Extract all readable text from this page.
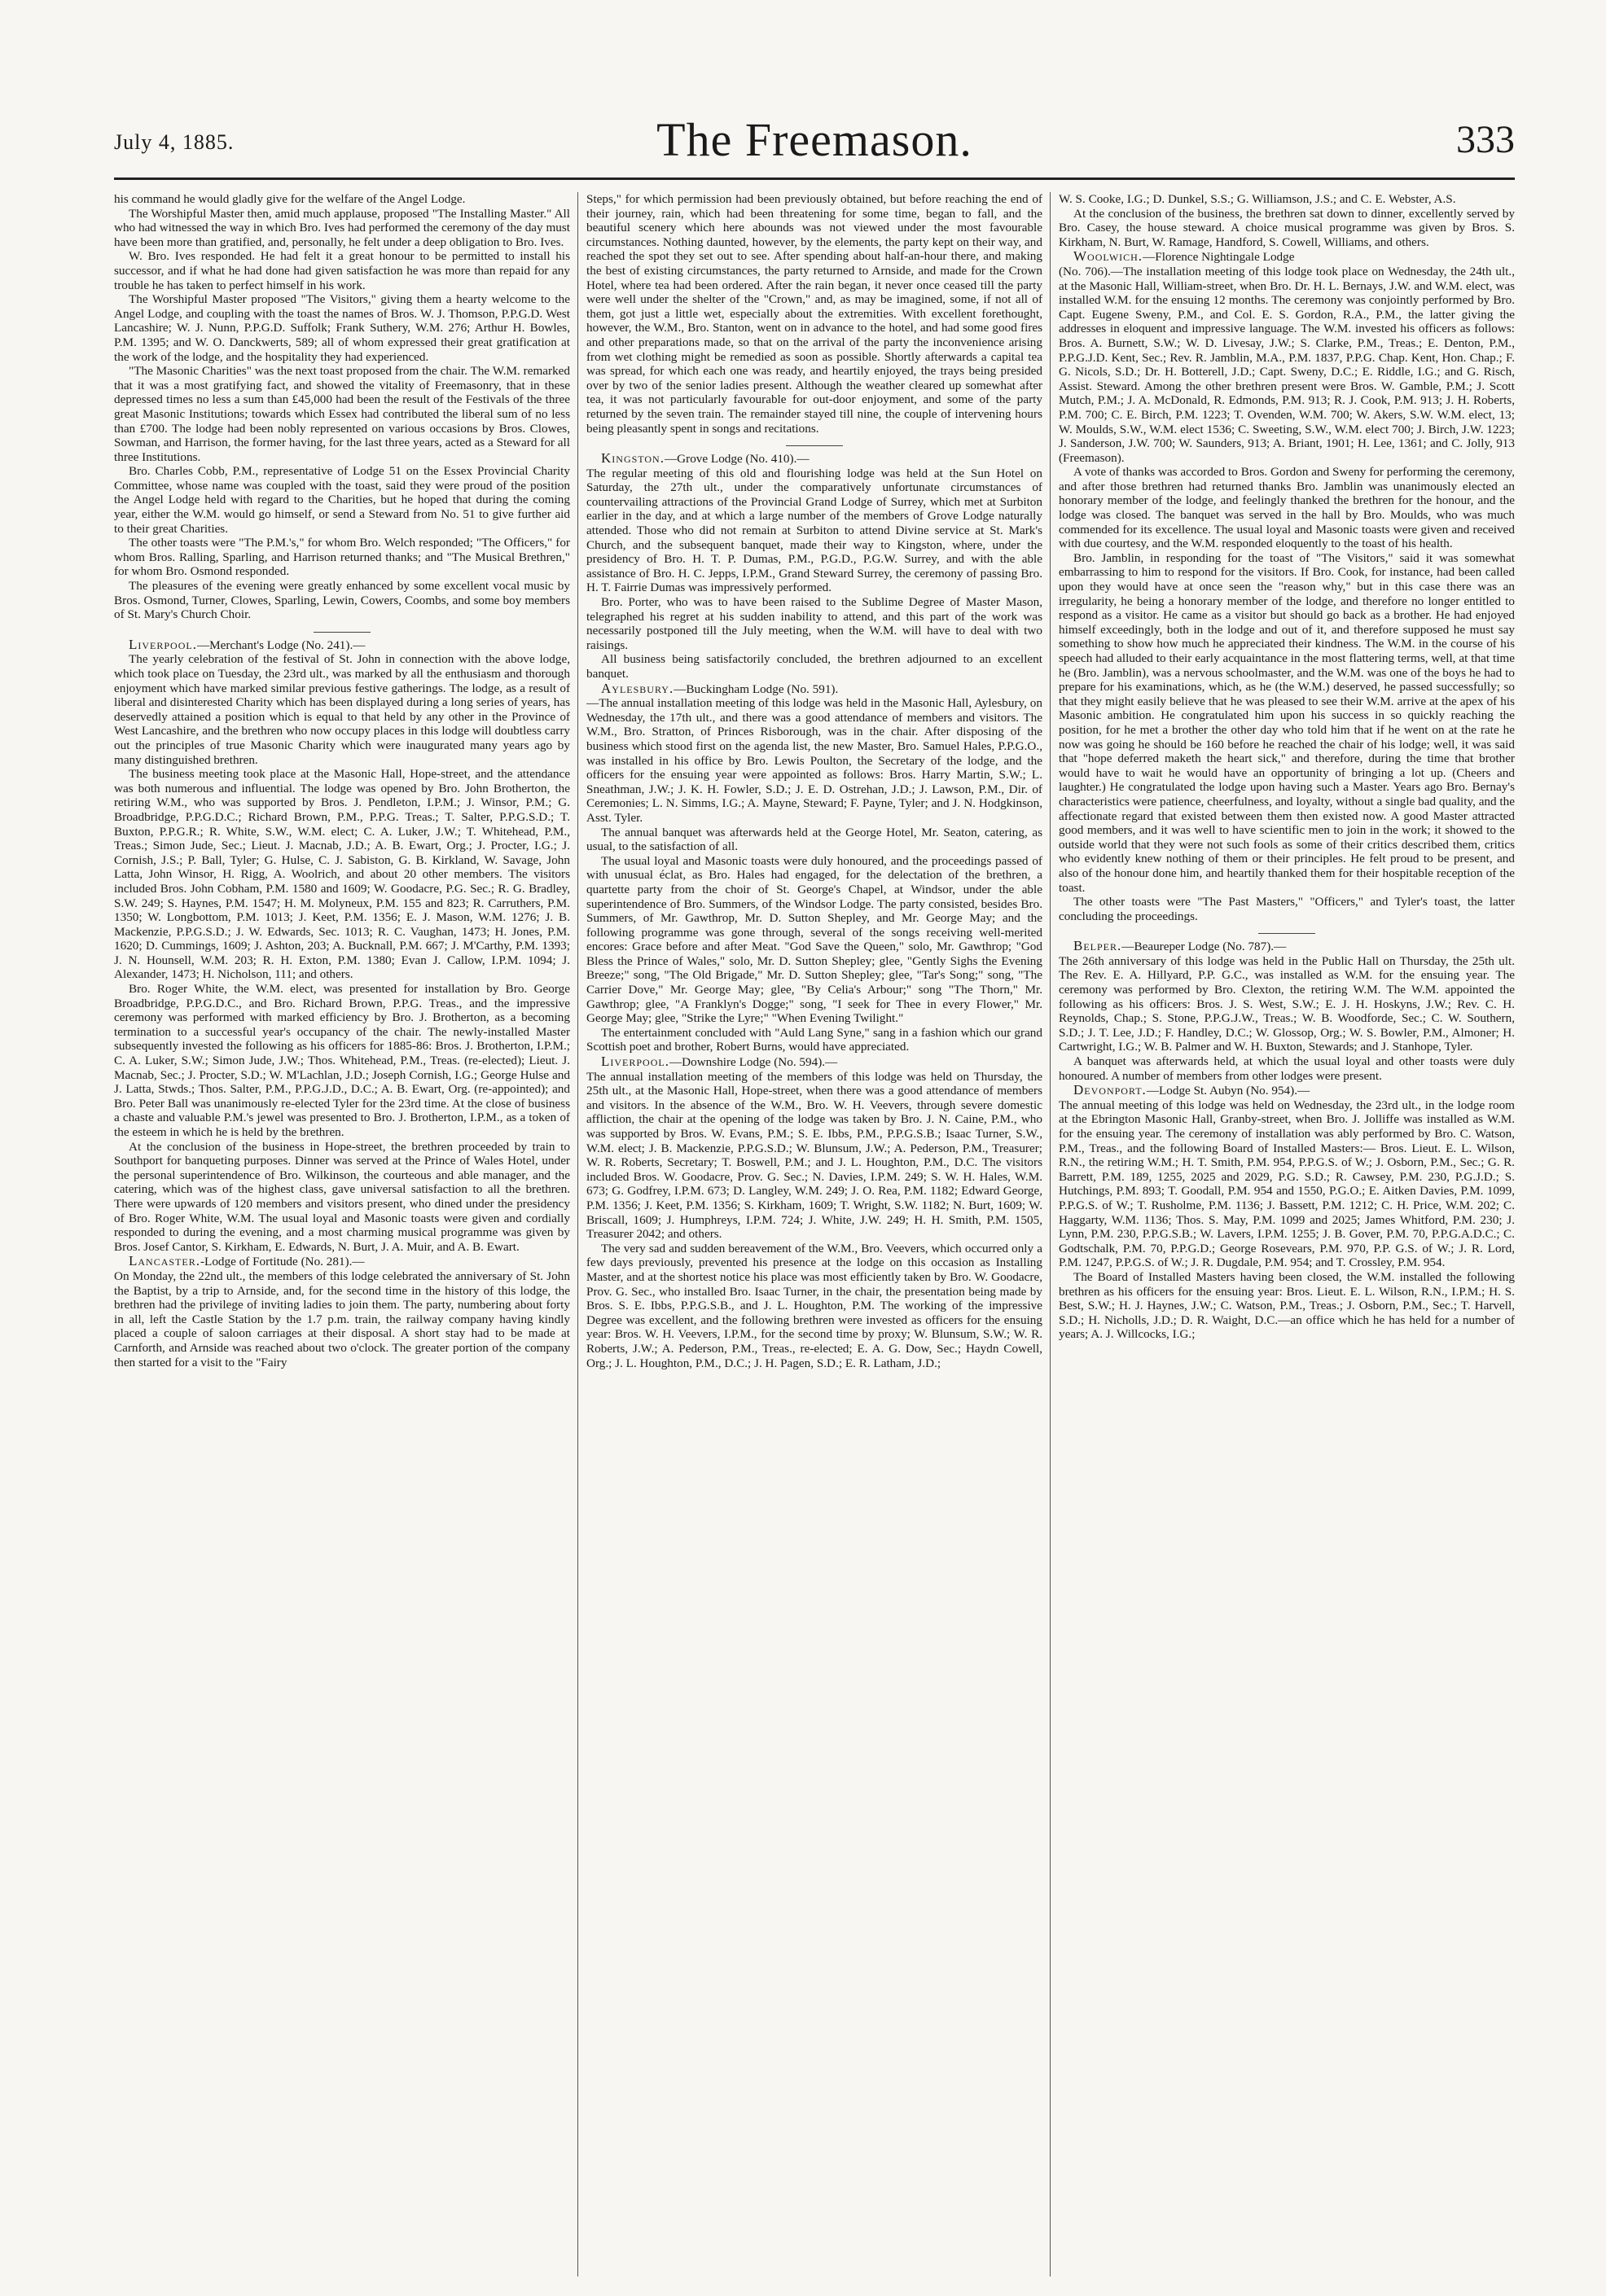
July 4, 1885.	The Freemason.	333

his command he would gladly give for the welfare of the Angel Lodge.

The Worshipful Master then, amid much applause, proposed "The Installing Master." All who had witnessed the way in which Bro. Ives had performed the ceremony of the day must have been more than gratified, and, personally, he felt under a deep obligation to Bro. Ives.

W. Bro. Ives responded. He had felt it a great honour to be permitted to install his successor, and if what he had done had given satisfaction he was more than repaid for any trouble he has taken to perfect himself in his work.

The Worshipful Master proposed "The Visitors," giving them a hearty welcome to the Angel Lodge, and coupling with the toast the names of Bros. W. J. Thomson, P.P.G.D. West Lancashire; W. J. Nunn, P.P.G.D. Suffolk; Frank Suthery, W.M. 276; Arthur H. Bowles, P.M. 1395; and W. O. Danckwerts, 589; all of whom expressed their great gratification at the work of the lodge, and the hospitality they had experienced.

"The Masonic Charities" was the next toast proposed from the chair. The W.M. remarked that it was a most gratifying fact, and showed the vitality of Freemasonry, that in these depressed times no less a sum than £45,000 had been the result of the Festivals of the three great Masonic Institutions; towards which Essex had contributed the liberal sum of no less than £700. The lodge had been nobly represented on various occasions by Bros. Clowes, Sowman, and Harrison, the former having, for the last three years, acted as a Steward for all three Institutions.

Bro. Charles Cobb, P.M., representative of Lodge 51 on the Essex Provincial Charity Committee, whose name was coupled with the toast, said they were proud of the position the Angel Lodge held with regard to the Charities, but he hoped that during the coming year, either the W.M. would go himself, or send a Steward from No. 51 to give further aid to their great Charities.

The other toasts were "The P.M.'s," for whom Bro. Welch responded; "The Officers," for whom Bros. Ralling, Sparling, and Harrison returned thanks; and "The Musical Brethren," for whom Bro. Osmond responded.

The pleasures of the evening were greatly enhanced by some excellent vocal music by Bros. Osmond, Turner, Clowes, Sparling, Lewin, Cowers, Coombs, and some boy members of St. Mary's Church Choir.

Liverpool.—Merchant's Lodge (No. 241).—

The yearly celebration of the festival of St. John in connection with the above lodge, which took place on Tuesday, the 23rd ult., was marked by all the enthusiasm and thorough enjoyment which have marked similar previous festive gatherings. The lodge, as a result of liberal and disinterested Charity which has been displayed during a long series of years, has deservedly attained a position which is equal to that held by any other in the Province of West Lancashire, and the brethren who now occupy places in this lodge will doubtless carry out the principles of true Masonic Charity which were inaugurated many years ago by many distinguished brethren.

The business meeting took place at the Masonic Hall, Hope-street, and the attendance was both numerous and influential. The lodge was opened by Bro. John Brotherton, the retiring W.M., who was supported by Bros. J. Pendleton, I.P.M.; J. Winsor, P.M.; G. Broadbridge, P.P.G.D.C.; Richard Brown, P.M., P.P.G. Treas.; T. Salter, P.P.G.S.D.; T. Buxton, P.P.G.R.; R. White, S.W., W.M. elect; C. A. Luker, J.W.; T. Whitehead, P.M., Treas.; Simon Jude, Sec.; Lieut. J. Macnab, J.D.; A. B. Ewart, Org.; J. Procter, I.G.; J. Cornish, J.S.; P. Ball, Tyler; G. Hulse, C. J. Sabiston, G. B. Kirkland, W. Savage, John Latta, John Winsor, H. Rigg, A. Woolrich, and about 20 other members. The visitors included Bros. John Cobham, P.M. 1580 and 1609; W. Goodacre, P.G. Sec.; R. G. Bradley, S.W. 249; S. Haynes, P.M. 1547; H. M. Molyneux, P.M. 155 and 823; R. Carruthers, P.M. 1350; W. Longbottom, P.M. 1013; J. Keet, P.M. 1356; E. J. Mason, W.M. 1276; J. B. Mackenzie, P.P.G.S.D.; J. W. Edwards, Sec. 1013; R. C. Vaughan, 1473; H. Jones, P.M. 1620; D. Cummings, 1609; J. Ashton, 203; A. Bucknall, P.M. 667; J. M'Carthy, P.M. 1393; J. N. Hounsell, W.M. 203; R. H. Exton, P.M. 1380; Evan J. Callow, I.P.M. 1094; J. Alexander, 1473; H. Nicholson, 111; and others.

Bro. Roger White, the W.M. elect, was presented for installation by Bro. George Broadbridge, P.P.G.D.C., and Bro. Richard Brown, P.P.G. Treas., and the impressive ceremony was performed with marked efficiency by Bro. J. Brotherton, as a becoming termination to a successful year's occupancy of the chair. The newly-installed Master subsequently invested the following as his officers for 1885-86: Bros. J. Brotherton, I.P.M.; C. A. Luker, S.W.; Simon Jude, J.W.; Thos. Whitehead, P.M., Treas. (re-elected); Lieut. J. Macnab, Sec.; J. Procter, S.D.; W. M'Lachlan, J.D.; Joseph Cornish, I.G.; George Hulse and J. Latta, Stwds.; Thos. Salter, P.M., P.P.G.J.D., D.C.; A. B. Ewart, Org. (re-appointed); and Bro. Peter Ball was unanimously re-elected Tyler for the 23rd time. At the close of business a chaste and valuable P.M.'s jewel was presented to Bro. J. Brotherton, I.P.M., as a token of the esteem in which he is held by the brethren.

At the conclusion of the business in Hope-street, the brethren proceeded by train to Southport for banqueting purposes. Dinner was served at the Prince of Wales Hotel, under the personal superintendence of Bro. Wilkinson, the courteous and able manager, and the catering, which was of the highest class, gave universal satisfaction to all the brethren. There were upwards of 120 members and visitors present, who dined under the presidency of Bro. Roger White, W.M. The usual loyal and Masonic toasts were given and cordially responded to during the evening, and a most charming musical programme was given by Bros. Josef Cantor, S. Kirkham, E. Edwards, N. Burt, J. A. Muir, and A. B. Ewart.

Lancaster.-Lodge of Fortitude (No. 281).—

On Monday, the 22nd ult., the members of this lodge celebrated the anniversary of St. John the Baptist, by a trip to Arnside, and, for the second time in the history of this lodge, the brethren had the privilege of inviting ladies to join them. The party, numbering about forty in all, left the Castle Station by the 1.7 p.m. train, the railway company having kindly placed a couple of saloon carriages at their disposal. A short stay had to be made at Carnforth, and Arnside was reached about two o'clock. The greater portion of the company then started for a visit to the "Fairy

Steps," for which permission had been previously obtained, but before reaching the end of their journey, rain, which had been threatening for some time, began to fall, and the beautiful scenery which here abounds was not viewed under the most favourable circumstances. Nothing daunted, however, by the elements, the party kept on their way, and reached the spot they set out to see. After spending about half-an-hour there, and making the best of existing circumstances, the party returned to Arnside, and made for the Crown Hotel, where tea had been ordered. After the rain began, it never once ceased till the party were well under the shelter of the "Crown," and, as may be imagined, some, if not all of them, got just a little wet, especially about the extremities. With excellent forethought, however, the W.M., Bro. Stanton, went on in advance to the hotel, and had some good fires and other preparations made, so that on the arrival of the party the inconvenience arising from wet clothing might be remedied as soon as possible. Shortly afterwards a capital tea was spread, for which each one was ready, and heartily enjoyed, the trays being presided over by two of the senior ladies present. Although the weather cleared up somewhat after tea, it was not particularly favourable for out-door enjoyment, and some of the party returned by the seven train. The remainder stayed till nine, the couple of intervening hours being pleasantly spent in songs and recitations.

Kingston.—Grove Lodge (No. 410).—

The regular meeting of this old and flourishing lodge was held at the Sun Hotel on Saturday, the 27th ult., under the comparatively unfortunate circumstances of countervailing attractions of the Provincial Grand Lodge of Surrey, which met at Surbiton earlier in the day, and at which a large number of the members of Grove Lodge naturally attended. Those who did not remain at Surbiton to attend Divine service at St. Mark's Church, and the subsequent banquet, made their way to Kingston, where, under the presidency of Bro. H. T. P. Dumas, P.M., P.G.D., P.G.W. Surrey, and with the able assistance of Bro. H. C. Jepps, I.P.M., Grand Steward Surrey, the ceremony of passing Bro. H. T. Fairrie Dumas was impressively performed.

Bro. Porter, who was to have been raised to the Sublime Degree of Master Mason, telegraphed his regret at his sudden inability to attend, and this part of the work was necessarily postponed till the July meeting, when the W.M. will have to deal with two raisings.

All business being satisfactorily concluded, the brethren adjourned to an excellent banquet.

Aylesbury.—Buckingham Lodge (No. 591).

—The annual installation meeting of this lodge was held in the Masonic Hall, Aylesbury, on Wednesday, the 17th ult., and there was a good attendance of members and visitors. The W.M., Bro. Stratton, of Princes Risborough, was in the chair. After disposing of the business which stood first on the agenda list, the new Master, Bro. Samuel Hales, P.P.G.O., was installed in his office by Bro. Lewis Poulton, the Secretary of the lodge, and the officers for the ensuing year were appointed as follows: Bros. Harry Martin, S.W.; L. Sneathman, J.W.; J. K. H. Fowler, S.D.; J. E. D. Ostrehan, J.D.; J. Lawson, P.M., Dir. of Ceremonies; L. N. Simms, I.G.; A. Mayne, Steward; F. Payne, Tyler; and J. N. Hodgkinson, Asst. Tyler.

The annual banquet was afterwards held at the George Hotel, Mr. Seaton, catering, as usual, to the satisfaction of all.

The usual loyal and Masonic toasts were duly honoured, and the proceedings passed of with unusual éclat, as Bro. Hales had engaged, for the delectation of the brethren, a quartette party from the choir of St. George's Chapel, at Windsor, under the able superintendence of Bro. Summers, of the Windsor Lodge. The party consisted, besides Bro. Summers, of Mr. Gawthrop, Mr. D. Sutton Shepley, and Mr. George May; and the following programme was gone through, several of the songs receiving well-merited encores: Grace before and after Meat. "God Save the Queen," solo, Mr. Gawthrop; "God Bless the Prince of Wales," solo, Mr. D. Sutton Shepley; glee, "Gently Sighs the Evening Breeze;" song, "The Old Brigade," Mr. D. Sutton Shepley; glee, "Tar's Song;" song, "The Carrier Dove," Mr. George May; glee, "By Celia's Arbour;" song "The Thorn," Mr. Gawthrop; glee, "A Franklyn's Dogge;" song, "I seek for Thee in every Flower," Mr. George May; glee, "Strike the Lyre;" "When Evening Twilight."

The entertainment concluded with "Auld Lang Syne," sang in a fashion which our grand Scottish poet and brother, Robert Burns, would have appreciated.

Liverpool.—Downshire Lodge (No. 594).—

The annual installation meeting of the members of this lodge was held on Thursday, the 25th ult., at the Masonic Hall, Hope-street, when there was a good attendance of members and visitors. In the absence of the W.M., Bro. W. H. Veevers, through severe domestic affliction, the chair at the opening of the lodge was taken by Bro. J. N. Caine, P.M., who was supported by Bros. W. Evans, P.M.; S. E. Ibbs, P.M., P.P.G.S.B.; Isaac Turner, S.W., W.M. elect; J. B. Mackenzie, P.P.G.S.D.; W. Blunsum, J.W.; A. Pederson, P.M., Treasurer; W. R. Roberts, Secretary; T. Boswell, P.M.; and J. L. Houghton, P.M., D.C. The visitors included Bros. W. Goodacre, Prov. G. Sec.; N. Davies, I.P.M. 249; S. W. H. Hales, W.M. 673; G. Godfrey, I.P.M. 673; D. Langley, W.M. 249; J. O. Rea, P.M. 1182; Edward George, P.M. 1356; J. Keet, P.M. 1356; S. Kirkham, 1609; T. Wright, S.W. 1182; N. Burt, 1609; W. Briscall, 1609; J. Humphreys, I.P.M. 724; J. White, J.W. 249; H. H. Smith, P.M. 1505, Treasurer 2042; and others.

The very sad and sudden bereavement of the W.M., Bro. Veevers, which occurred only a few days previously, prevented his presence at the lodge on this occasion as Installing Master, and at the shortest notice his place was most efficiently taken by Bro. W. Goodacre, Prov. G. Sec., who installed Bro. Isaac Turner, in the chair, the presentation being made by Bros. S. E. Ibbs, P.P.G.S.B., and J. L. Houghton, P.M. The working of the impressive Degree was excellent, and the following brethren were invested as officers for the ensuing year: Bros. W. H. Veevers, I.P.M., for the second time by proxy; W. Blunsum, S.W.; W. R. Roberts, J.W.; A. Pederson, P.M., Treas., re-elected; E. A. G. Dow, Sec.; Haydn Cowell, Org.; J. L. Houghton, P.M., D.C.; J. H. Pagen, S.D.; E. R. Latham, J.D.;

W. S. Cooke, I.G.; D. Dunkel, S.S.; G. Williamson, J.S.; and C. E. Webster, A.S.

At the conclusion of the business, the brethren sat down to dinner, excellently served by Bro. Casey, the house steward. A choice musical programme was given by Bros. S. Kirkham, N. Burt, W. Ramage, Handford, S. Cowell, Williams, and others.

Woolwich.—Florence Nightingale Lodge

(No. 706).—The installation meeting of this lodge took place on Wednesday, the 24th ult., at the Masonic Hall, William-street, when Bro. Dr. H. L. Bernays, J.W. and W.M. elect, was installed W.M. for the ensuing 12 months. The ceremony was conjointly performed by Bro. Capt. Eugene Sweny, P.M., and Col. E. S. Gordon, R.A., P.M., the latter giving the addresses in eloquent and impressive language. The W.M. invested his officers as follows: Bros. A. Burnett, S.W.; W. D. Livesay, J.W.; S. Clarke, P.M., Treas.; E. Denton, P.M., P.P.G.J.D. Kent, Sec.; Rev. R. Jamblin, M.A., P.M. 1837, P.P.G. Chap. Kent, Hon. Chap.; F. G. Nicols, S.D.; Dr. H. Botterell, J.D.; Capt. Sweny, D.C.; E. Riddle, I.G.; and G. Risch, Assist. Steward. Among the other brethren present were Bros. W. Gamble, P.M.; J. Scott Mutch, P.M.; J. A. McDonald, R. Edmonds, P.M. 913; R. J. Cook, P.M. 913; J. H. Roberts, P.M. 700; C. E. Birch, P.M. 1223; T. Ovenden, W.M. 700; W. Akers, S.W. W.M. elect, 13; W. Moulds, S.W., W.M. elect 1536; C. Sweeting, S.W., W.M. elect 700; J. Birch, J.W. 1223; J. Sanderson, J.W. 700; W. Saunders, 913; A. Briant, 1901; H. Lee, 1361; and C. Jolly, 913 (Freemason).

A vote of thanks was accorded to Bros. Gordon and Sweny for performing the ceremony, and after those brethren had returned thanks Bro. Jamblin was unanimously elected an honorary member of the lodge, and feelingly thanked the brethren for the honour, and the lodge was closed. The banquet was served in the hall by Bro. Moulds, who was much commended for its excellence. The usual loyal and Masonic toasts were given and received with due courtesy, and the W.M. responded eloquently to the toast of his health.

Bro. Jamblin, in responding for the toast of "The Visitors," said it was somewhat embarrassing to him to respond for the visitors. If Bro. Cook, for instance, had been called upon they would have at once seen the "reason why," but in this case there was an irregularity, he being a honorary member of the lodge, and therefore no longer entitled to respond as a visitor. He came as a visitor but should go back as a brother. He had enjoyed himself exceedingly, both in the lodge and out of it, and therefore supposed he must say something to show how much he appreciated their kindness. The W.M. in the course of his speech had alluded to their early acquaintance in the most flattering terms, well, at that time he (Bro. Jamblin), was a nervous schoolmaster, and the W.M. was one of the boys he had to prepare for his examinations, which, as he (the W.M.) deserved, he passed successfully; so that they might easily believe that he was pleased to see their W.M. arrive at the apex of his Masonic ambition. He congratulated him upon his success in so quickly reaching the position, for he met a brother the other day who told him that if he went on at the rate he now was going he should be 160 before he reached the chair of his lodge; well, it was said that "hope deferred maketh the heart sick," and therefore, during the time that brother would have to wait he would have an opportunity of bringing a lot up. (Cheers and laughter.) He congratulated the lodge upon having such a Master. Years ago Bro. Bernay's characteristics were patience, cheerfulness, and loyalty, without a single bad quality, and the affectionate regard that existed between them then existed now. A good Master attracted good members, and it was well to have scientific men to join in the work; it showed to the outside world that they were not such fools as some of their critics described them, critics who evidently knew nothing of them or their principles. He felt proud to be present, and also of the honour done him, and heartily thanked them for their hospitable reception of the toast.

The other toasts were "The Past Masters," "Officers," and Tyler's toast, the latter concluding the proceedings.

Belper.—Beaureper Lodge (No. 787).—

The 26th anniversary of this lodge was held in the Public Hall on Thursday, the 25th ult. The Rev. E. A. Hillyard, P.P. G.C., was installed as W.M. for the ensuing year. The ceremony was performed by Bro. Clexton, the retiring W.M. The W.M. appointed the following as his officers: Bros. J. S. West, S.W.; E. J. H. Hoskyns, J.W.; Rev. C. H. Reynolds, Chap.; S. Stone, P.P.G.J.W., Treas.; W. B. Woodforde, Sec.; C. W. Southern, S.D.; J. T. Lee, J.D.; F. Handley, D.C.; W. Glossop, Org.; W. S. Bowler, P.M., Almoner; H. Cartwright, I.G.; W. B. Palmer and W. H. Buxton, Stewards; and J. Stanhope, Tyler.

A banquet was afterwards held, at which the usual loyal and other toasts were duly honoured. A number of members from other lodges were present.

Devonport.—Lodge St. Aubyn (No. 954).—

The annual meeting of this lodge was held on Wednesday, the 23rd ult., in the lodge room at the Ebrington Masonic Hall, Granby-street, when Bro. J. Jolliffe was installed as W.M. for the ensuing year. The ceremony of installation was ably performed by Bro. C. Watson, P.M., Treas., and the following Board of Installed Masters:— Bros. Lieut. E. L. Wilson, R.N., the retiring W.M.; H. T. Smith, P.M. 954, P.P.G.S. of W.; J. Osborn, P.M., Sec.; G. R. Barrett, P.M. 189, 1255, 2025 and 2029, P.G. S.D.; R. Cawsey, P.M. 230, P.G.J.D.; S. Hutchings, P.M. 893; T. Goodall, P.M. 954 and 1550, P.G.O.; E. Aitken Davies, P.M. 1099, P.P.G.S. of W.; T. Rusholme, P.M. 1136; J. Bassett, P.M. 1212; C. H. Price, W.M. 202; C. Haggarty, W.M. 1136; Thos. S. May, P.M. 1099 and 2025; James Whitford, P.M. 230; J. Lynn, P.M. 230, P.P.G.S.B.; W. Lavers, I.P.M. 1255; J. B. Gover, P.M. 70, P.P.G.A.D.C.; C. Godtschalk, P.M. 70, P.P.G.D.; George Rosevears, P.M. 970, P.P. G.S. of W.; J. R. Lord, P.M. 1247, P.P.G.S. of W.; J. R. Dugdale, P.M. 954; and T. Crossley, P.M. 954.

The Board of Installed Masters having been closed, the W.M. installed the following brethren as his officers for the ensuing year: Bros. Lieut. E. L. Wilson, R.N., I.P.M.; H. S. Best, S.W.; H. J. Haynes, J.W.; C. Watson, P.M., Treas.; J. Osborn, P.M., Sec.; T. Harvell, S.D.; H. Nicholls, J.D.; D. R. Waight, D.C.—an office which he has held for a number of years; A. J. Willcocks, I.G.;
